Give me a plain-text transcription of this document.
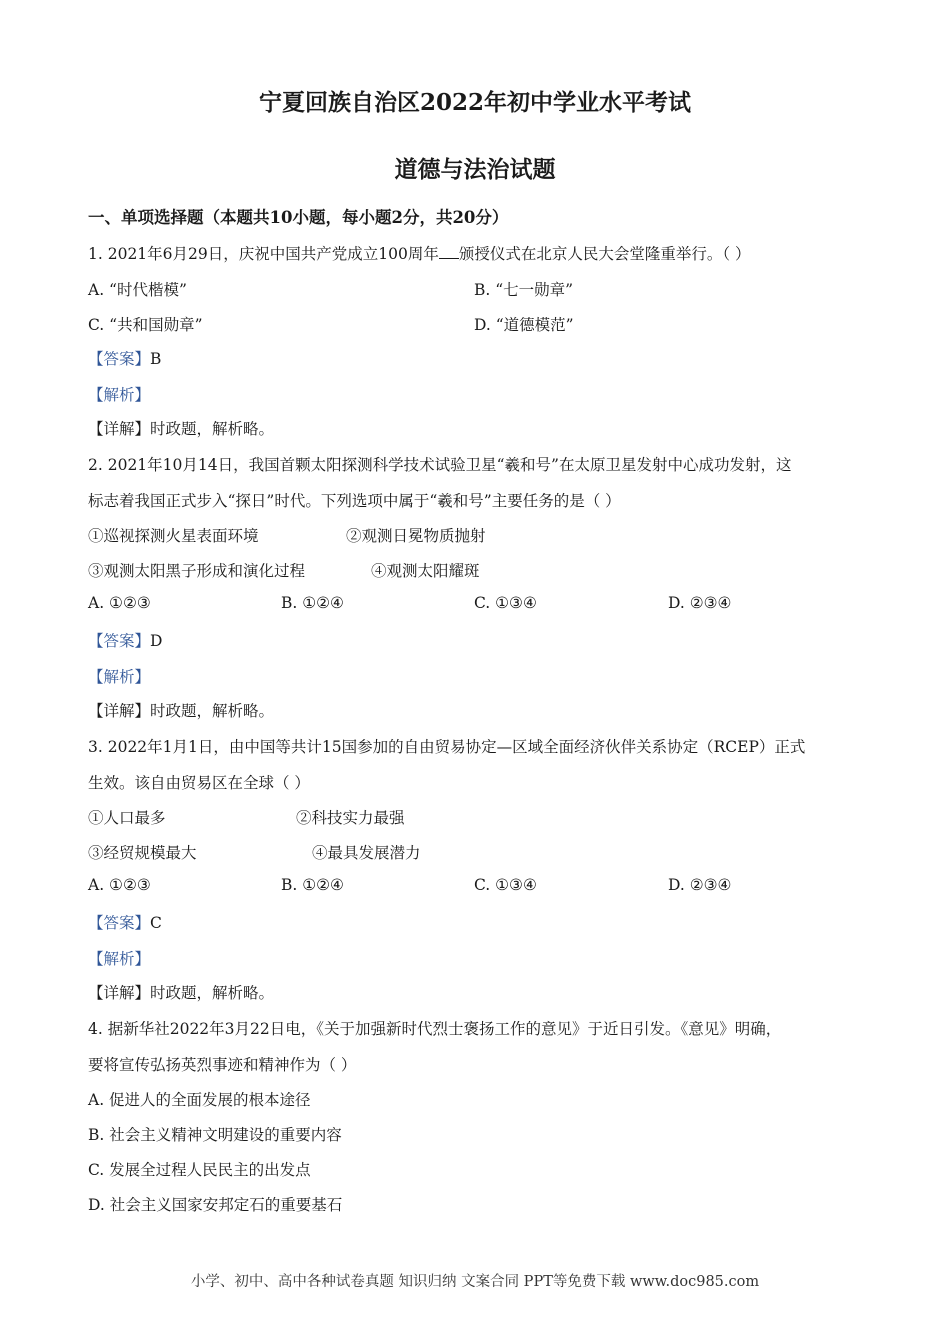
宁夏回族自治区2022年初中学业水平考试
道德与法治试题
一、单项选择题（本题共10小题，每小题2分，共20分）
1. 2021年6月29日，庆祝中国共产党成立100周年 颁授仪式在北京人民大会堂隆重举行。（ ）
A. “时代楷模”	B. “七一勋章”
C. “共和国勋章”	D. “道德模范”
【答案】B
【解析】
【详解】时政题，解析略。
2. 2021年10月14日，我国首颗太阳探测科学技术试验卫星“羲和号”在太原卫星发射中心成功发射，这
标志着我国正式步入“探日”时代。下列选项中属于“羲和号”主要任务的是（ ）
①巡视探测火星表面环境	②观测日冕物质抛射
③观测太阳黑子形成和演化过程	④观测太阳耀斑
A. ①②③	B. ①②④	C. ①③④	D. ②③④
【答案】D
【解析】
【详解】时政题，解析略。
3. 2022年1月1日，由中国等共计15国参加的自由贸易协定—区域全面经济伙伴关系协定（RCEP）正式
生效。该自由贸易区在全球（ ）
①人口最多	②科技实力最强
③经贸规模最大	④最具发展潜力
A. ①②③	B. ①②④	C. ①③④	D. ②③④
【答案】C
【解析】
【详解】时政题，解析略。
4. 据新华社2022年3月22日电，《关于加强新时代烈士褒扬工作的意见》于近日引发。《意见》明确，
要将宣传弘扬英烈事迹和精神作为（ ）
A. 促进人的全面发展的根本途径
B. 社会主义精神文明建设的重要内容
C. 发展全过程人民民主的出发点
D. 社会主义国家安邦定石的重要基石
小学、初中、高中各种试卷真题 知识归纳 文案合同 PPT等免费下载 www.doc985.com
